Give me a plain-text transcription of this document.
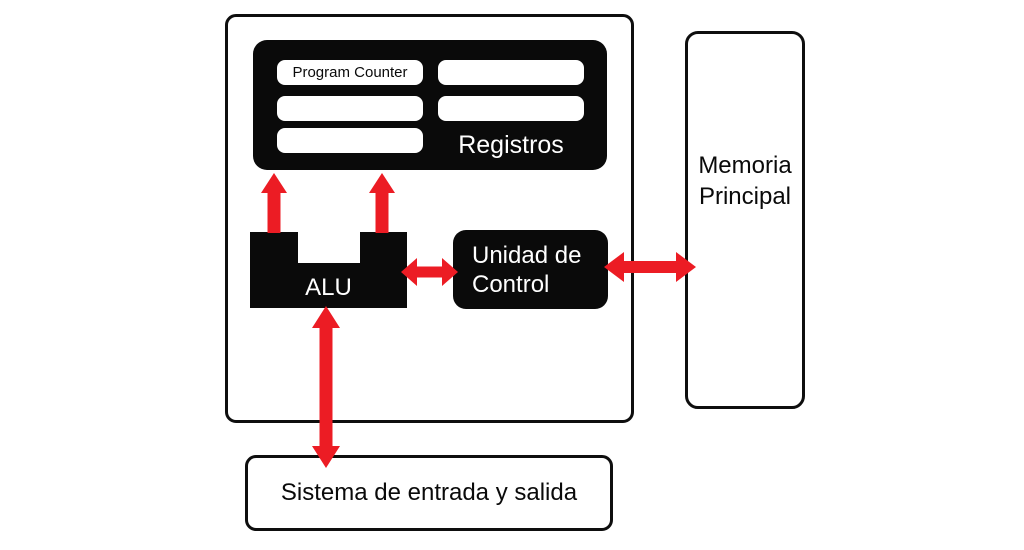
Program Counter
Registros
ALU
Unidad de Control
Memoria Principal
Sistema de entrada y salida
